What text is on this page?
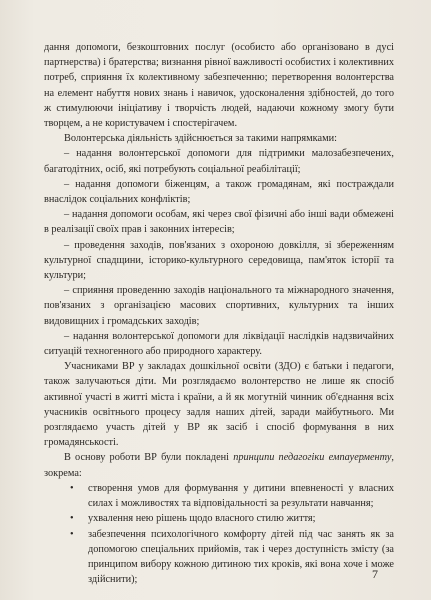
дання допомоги, безкоштовних послуг (особисто або організовано в дусі партнерства) і братерства; визнання рівної важливості особистих і колективних потреб, сприяння їх колективному забезпеченню; перетворення волонтерства на елемент набуття нових знань і навичок, удосконалення здібностей, до того ж стимулюючи ініціативу і творчість людей, надаючи кожному змогу бути творцем, а не користувачем і спостерігачем.

Волонтерська діяльність здійснюється за такими напрямками:

– надання волонтерської допомоги для підтримки малозабезпечених, багатодітних, осіб, які потребують соціальної реабілітації;

– надання допомоги біженцям, а також громадянам, які постраждали внаслідок соціальних конфліктів;

– надання допомоги особам, які через свої фізичні або інші вади обмежені в реалізації своїх прав і законних інтересів;

– проведення заходів, пов'язаних з охороною довкілля, зі збереженням культурної спадщини, історико-культурного середовища, пам'яток історії та культури;

– сприяння проведенню заходів національного та міжнародного значення, пов'язаних з організацією масових спортивних, культурних та інших видовищних і громадських заходів;

– надання волонтерської допомоги для ліквідації наслідків надзвичайних ситуацій техногенного або природного характеру.

Учасниками ВР у закладах дошкільної освіти (ЗДО) є батьки і педагоги, також залучаються діти. Ми розглядаємо волонтерство не лише як спосіб активної участі в житті міста і країни, а й як могутній чинник об'єднання всіх учасників освітнього процесу задля наших дітей, заради майбутнього. Ми розглядаємо участь дітей у ВР як засіб і спосіб формування в них громадянськості.

В основу роботи ВР були покладені принципи педагогіки емпауерменту, зокрема:

•	створення умов для формування у дитини впевненості у власних силах і можливостях та відповідальності за результати навчання;
•	ухвалення нею рішень щодо власного стилю життя;
•	забезпечення психологічного комфорту дітей під час занять як за допомогою спеціальних прийомів, так і через доступність змісту (за принципом вибору кожною дитиною тих кроків, які вона хоче і може здійснити);	7
